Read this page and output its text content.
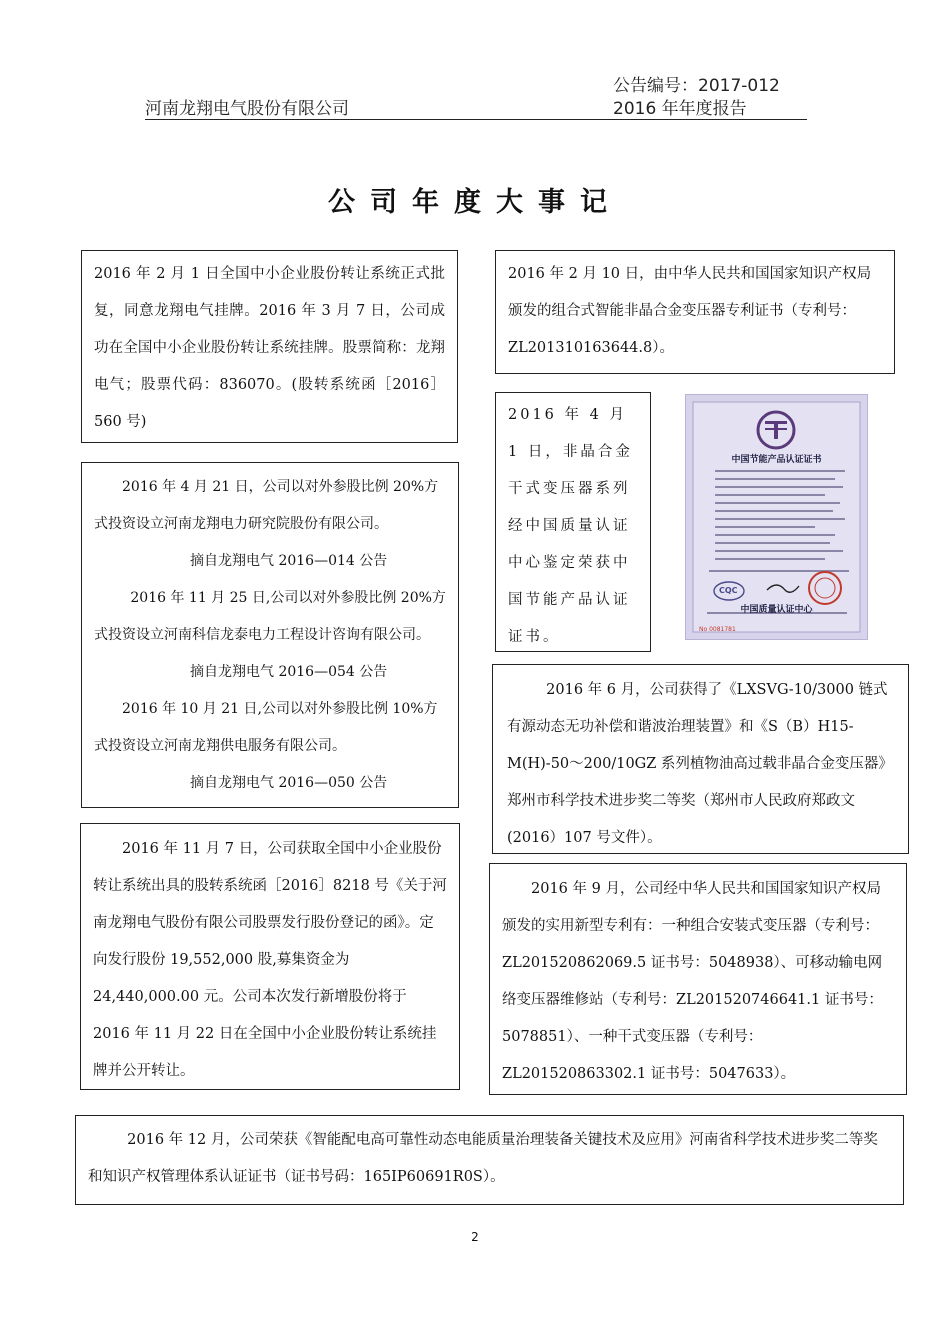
公告编号：2017-012
河南龙翔电气股份有限公司	2016 年年度报告
公司年度大事记

2016 年 2 月 1 日全国中小企业股份转让系统正式批复，同意龙翔电气挂牌。2016 年 3 月 7 日，公司成功在全国中小企业股份转让系统挂牌。股票简称：龙翔电气；股票代码：836070。(股转系统函［2016］560 号)

2016 年 2 月 10 日，由中华人民共和国国家知识产权局颁发的组合式智能非晶合金变压器专利证书（专利号：ZL201310163644.8）。

2016 年 4 月 21 日，公司以对外参股比例 20%方式投资设立河南龙翔电力研究院股份有限公司。

摘自龙翔电气 2016—014 公告

2016 年 11 月 25 日,公司以对外参股比例 20%方式投资设立河南科信龙泰电力工程设计咨询有限公司。

摘自龙翔电气 2016—054 公告

2016 年 10 月 21 日,公司以对外参股比例 10%方式投资设立河南龙翔供电服务有限公司。

摘自龙翔电气 2016—050 公告

2016 年 4 月 1 日，非晶合金干式变压器系列经中国质量认证中心鉴定荣获中国节能产品认证证书。

中国节能产品认证证书
CQC
中国质量认证中心
No 0081781

2016 年 6 月，公司获得了《LXSVG-10/3000 链式有源动态无功补偿和谐波治理装置》和《S（B）H15-M(H)-50～200/10GZ 系列植物油高过载非晶合金变压器》郑州市科学技术进步奖二等奖（郑州市人民政府郑政文(2016）107 号文件）。

2016 年 11 月 7 日，公司获取全国中小企业股份转让系统出具的股转系统函［2016］8218 号《关于河南龙翔电气股份有限公司股票发行股份登记的函》。定向发行股份 19,552,000 股,募集资金为 24,440,000.00 元。公司本次发行新增股份将于 2016 年 11 月 22 日在全国中小企业股份转让系统挂牌并公开转让。

2016 年 9 月，公司经中华人民共和国国家知识产权局颁发的实用新型专利有：一种组合安装式变压器（专利号：ZL201520862069.5 证书号：5048938）、可移动输电网络变压器维修站（专利号：ZL201520746641.1 证书号：5078851）、一种干式变压器（专利号：ZL201520863302.1 证书号：5047633）。

2016 年 12 月，公司荣获《智能配电高可靠性动态电能质量治理装备关键技术及应用》河南省科学技术进步奖二等奖和知识产权管理体系认证证书（证书号码：165IP60691R0S）。

2
